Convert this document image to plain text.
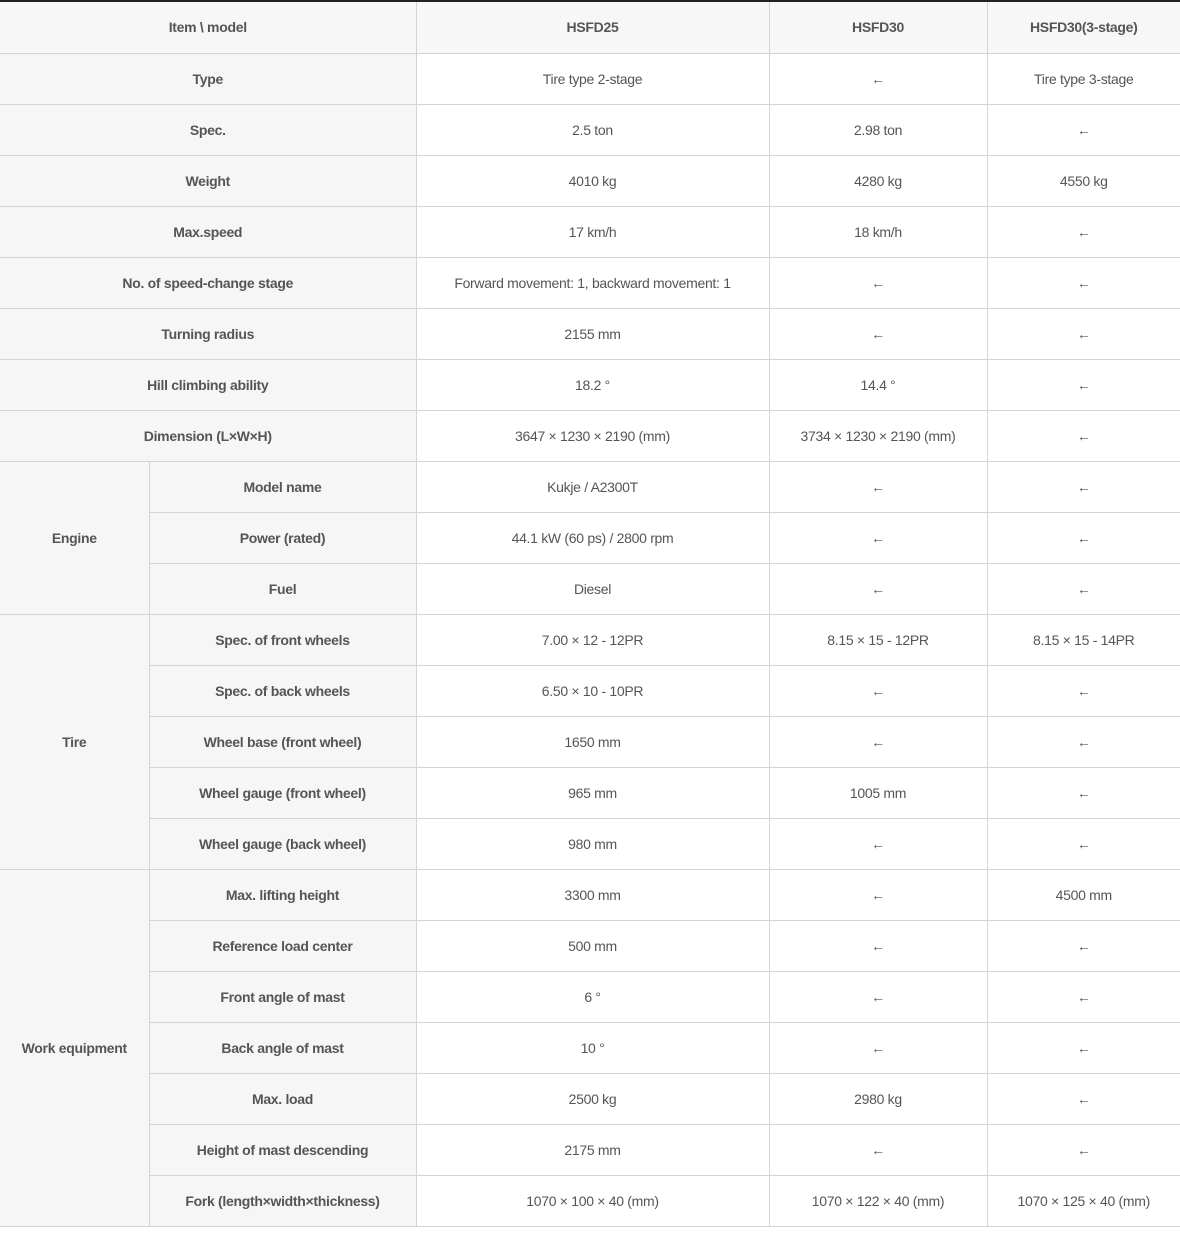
Item \ model		HSFD25	HSFD30	HSFD30(3-stage)
Type		Tire type 2-stage	←	Tire type 3-stage
Spec.		2.5 ton	2.98 ton	←
Weight		4010 kg	4280 kg	4550 kg
Max.speed		17 km/h	18 km/h	←
No. of speed-change stage		Forward movement: 1, backward movement: 1	←	←
Turning radius		2155 mm	←	←
Hill climbing ability		18.2 °	14.4 °	←
Dimension (L×W×H)		3647 × 1230 × 2190 (mm)	3734 × 1230 × 2190 (mm)	←
Engine	Model name	Kukje / A2300T	←	←
	Power (rated)	44.1 kW (60 ps) / 2800 rpm	←	←
	Fuel	Diesel	←	←
Tire	Spec. of front wheels	7.00 × 12 - 12PR	8.15 × 15 - 12PR	8.15 × 15 - 14PR
	Spec. of back wheels	6.50 × 10 - 10PR	←	←
	Wheel base (front wheel)	1650 mm	←	←
	Wheel gauge (front wheel)	965 mm	1005 mm	←
	Wheel gauge (back wheel)	980 mm	←	←
Work equipment	Max. lifting height	3300 mm	←	4500 mm
	Reference load center	500 mm	←	←
	Front angle of mast	6 °	←	←
	Back angle of mast	10 °	←	←
	Max. load	2500 kg	2980 kg	←
	Height of mast descending	2175 mm	←	←
	Fork (length×width×thickness)	1070 × 100 × 40 (mm)	1070 × 122 × 40 (mm)	1070 × 125 × 40 (mm)
